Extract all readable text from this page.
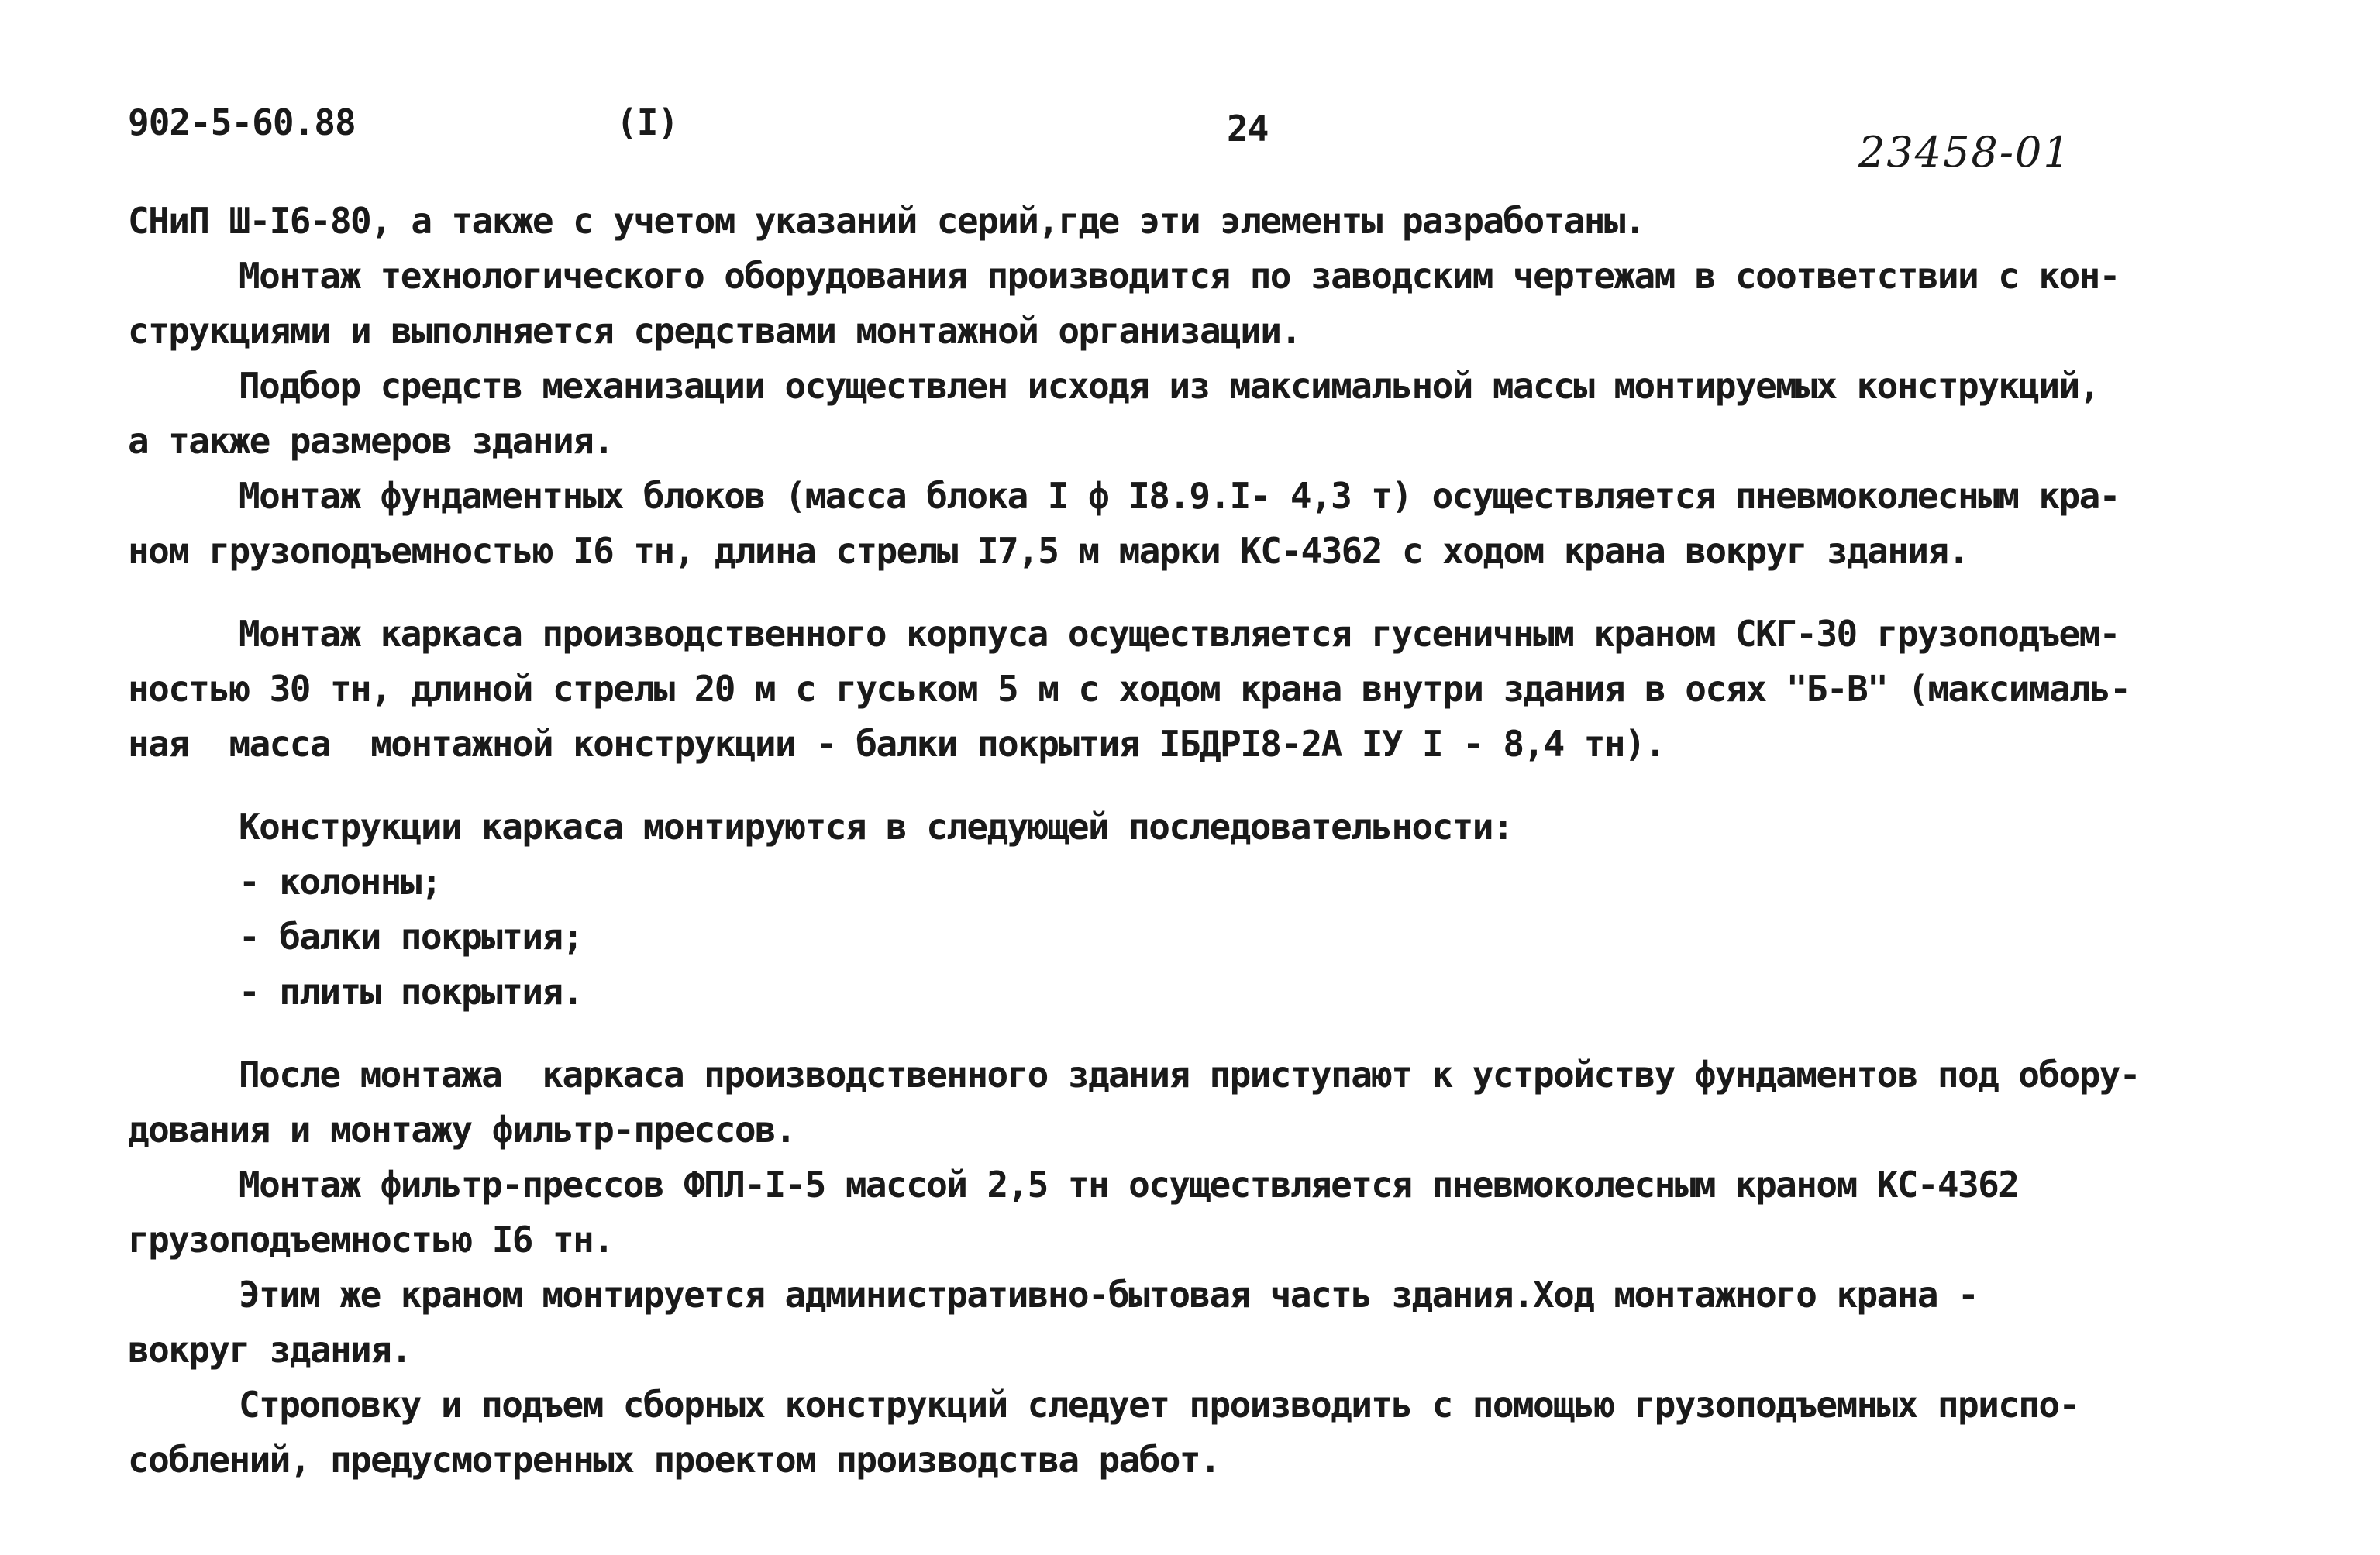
902-5-60.88	(I)	24	23458-01
СНиП Ш-I6-80, а также с учетом указаний серий,где эти элементы разработаны.
Монтаж технологического оборудования производится по заводским чертежам в соответствии с кон-
струкциями и выполняется средствами монтажной организации.
Подбор средств механизации осуществлен исходя из максимальной массы монтируемых конструкций,
а также размеров здания.
Монтаж фундаментных блоков (масса блока I ф I8.9.I- 4,3 т) осуществляется пневмоколесным кра-
ном грузоподъемностью I6 тн, длина стрелы I7,5 м марки КС-4362 с ходом крана вокруг здания.
Монтаж каркаса производственного корпуса осуществляется гусеничным краном СКГ-30 грузоподъем-
ностью 30 тн, длиной стрелы 20 м с гуськом 5 м с ходом крана внутри здания в осях "Б-В" (максималь-
ная  масса  монтажной конструкции - балки покрытия IБДРI8-2А IУ I - 8,4 тн).
Конструкции каркаса монтируются в следующей последовательности:
- колонны;
- балки покрытия;
- плиты покрытия.
После монтажа  каркаса производственного здания приступают к устройству фундаментов под обору-
дования и монтажу фильтр-прессов.
Монтаж фильтр-прессов ФПЛ-I-5 массой 2,5 тн осуществляется пневмоколесным краном КС-4362
грузоподъемностью I6 тн.
Этим же краном монтируется административно-бытовая часть здания.Ход монтажного крана -
вокруг здания.
Строповку и подъем сборных конструкций следует производить с помощью грузоподъемных приспо-
соблений, предусмотренных проектом производства работ.
